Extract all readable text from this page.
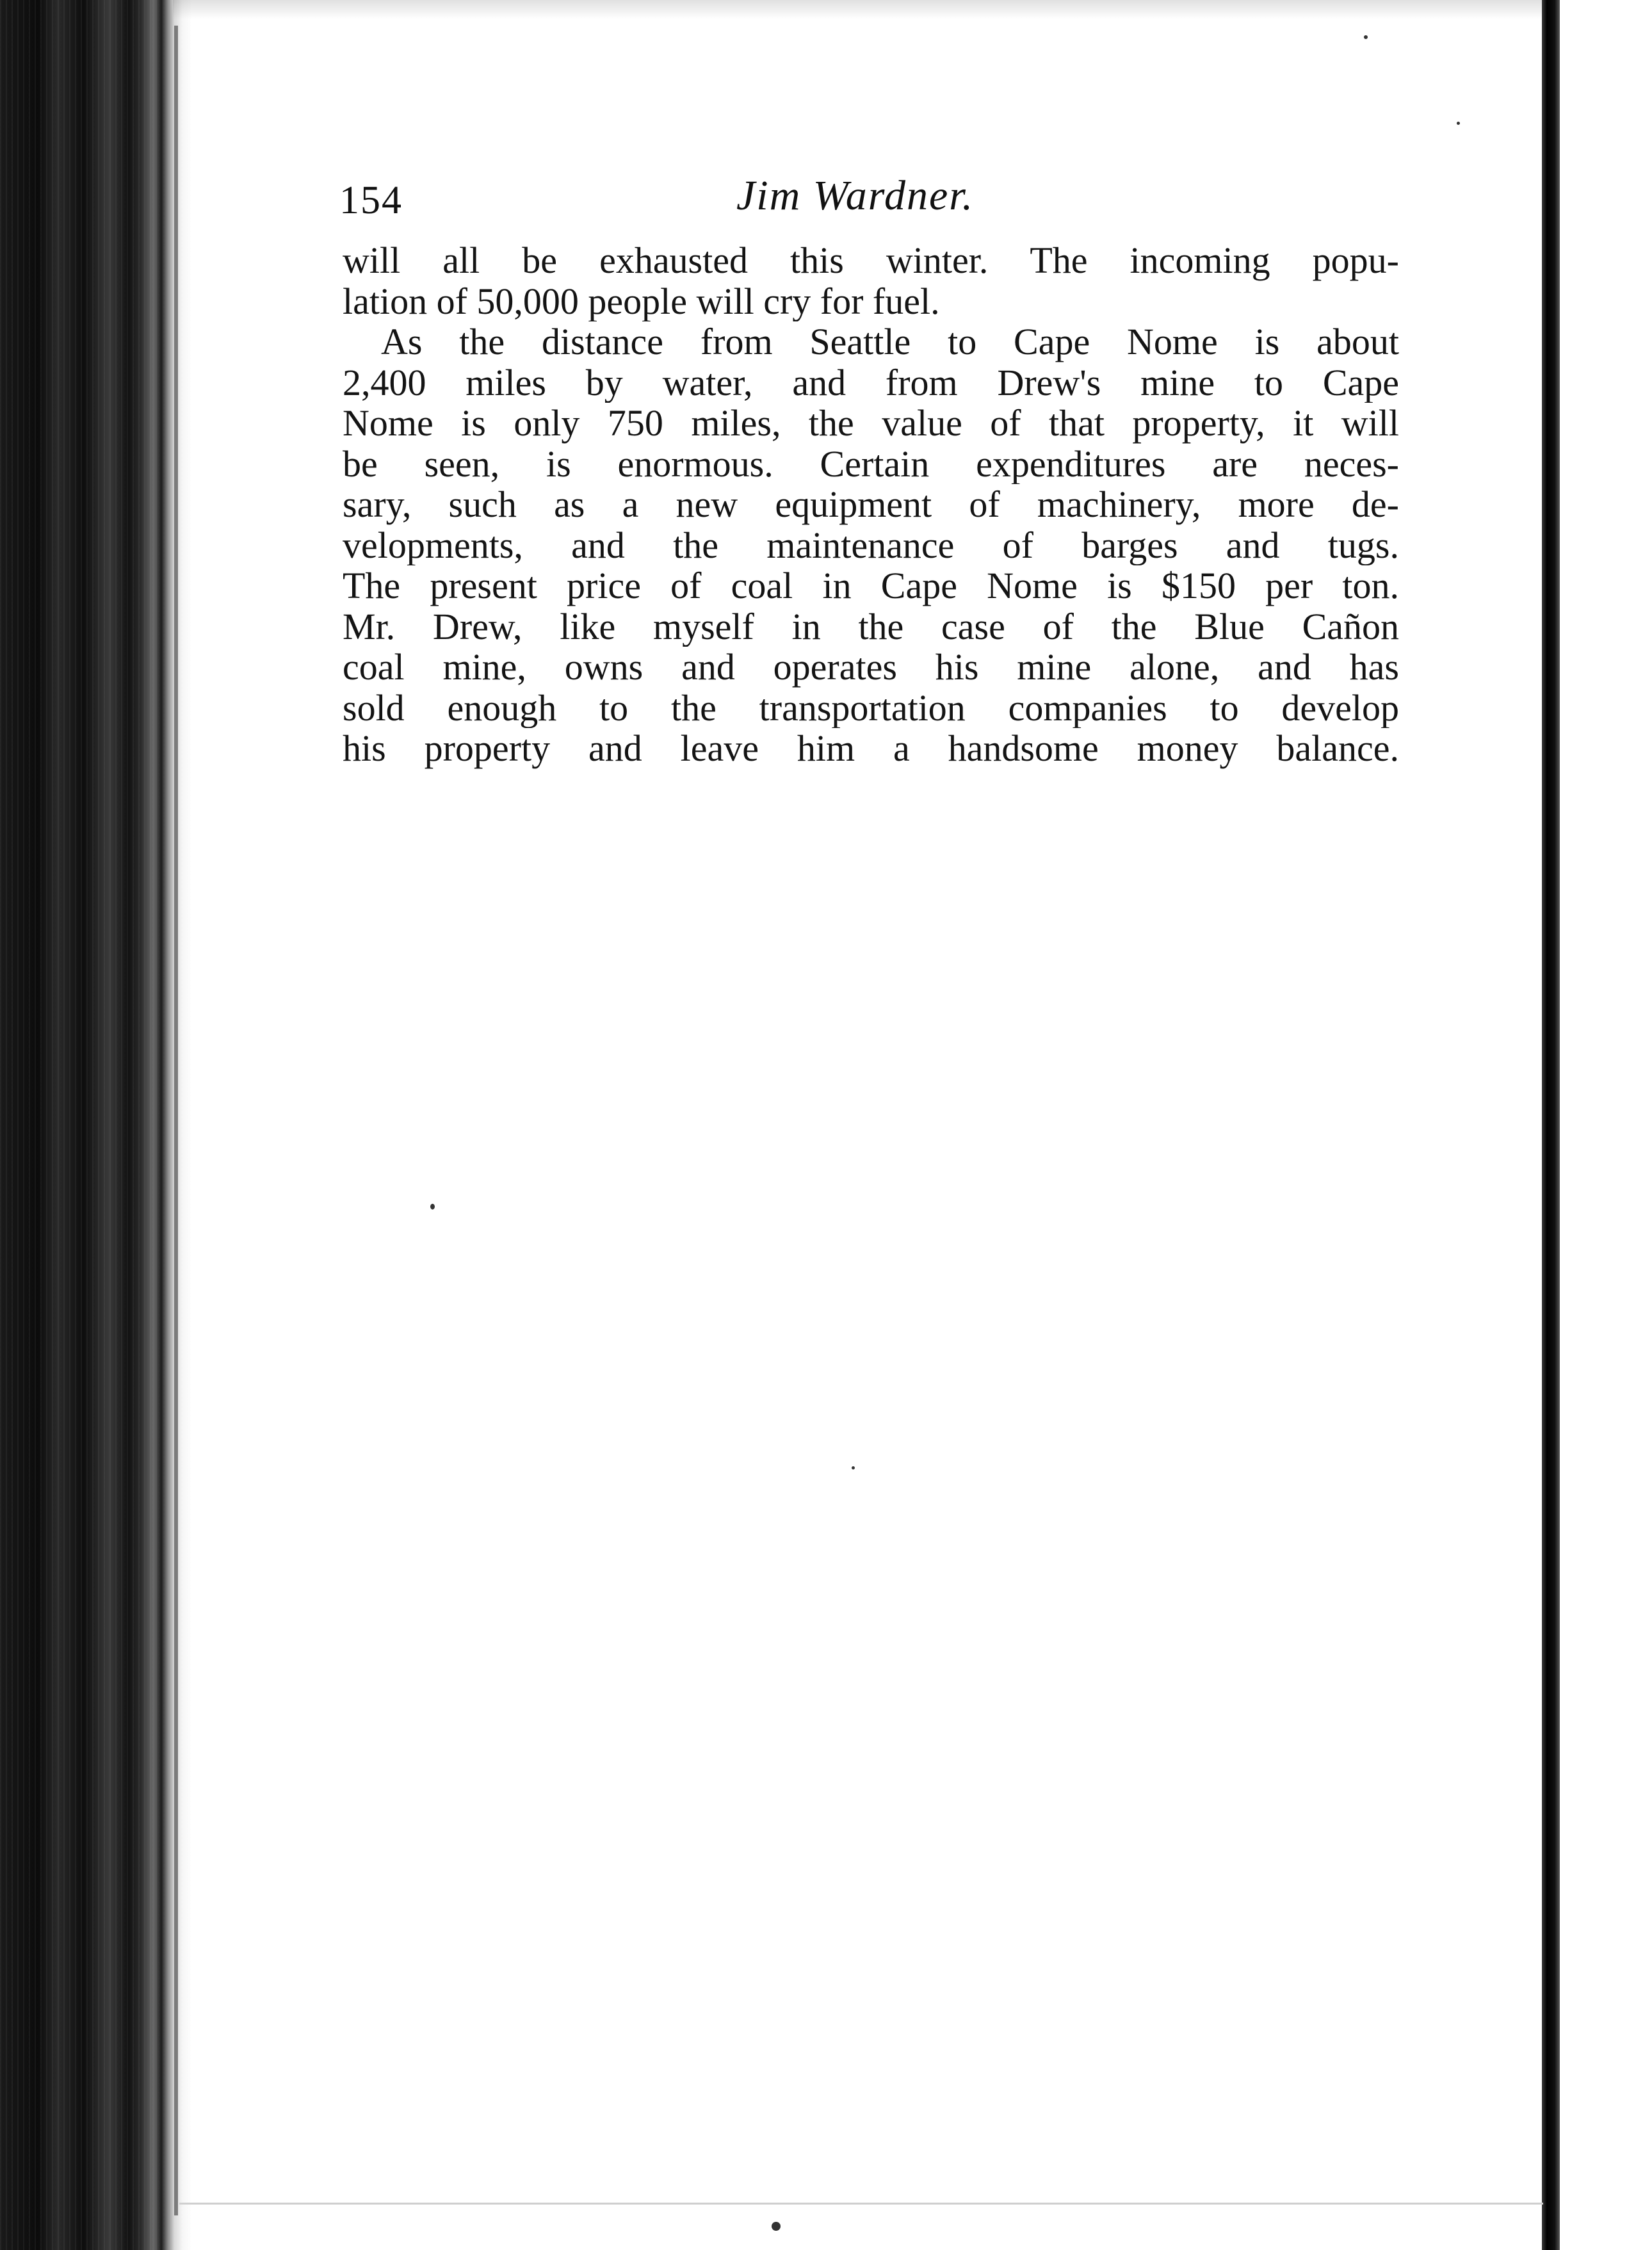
154	Jim Wardner.

will all be exhausted this winter. The incoming popu-
lation of 50,000 people will cry for fuel.

As the distance from Seattle to Cape Nome is about
2,400 miles by water, and from Drew's mine to Cape
Nome is only 750 miles, the value of that property, it will
be seen, is enormous. Certain expenditures are neces-
sary, such as a new equipment of machinery, more de-
velopments, and the maintenance of barges and tugs.
The present price of coal in Cape Nome is $150 per ton.
Mr. Drew, like myself in the case of the Blue Cañon
coal mine, owns and operates his mine alone, and has
sold enough to the transportation companies to develop
his property and leave him a handsome money balance.
